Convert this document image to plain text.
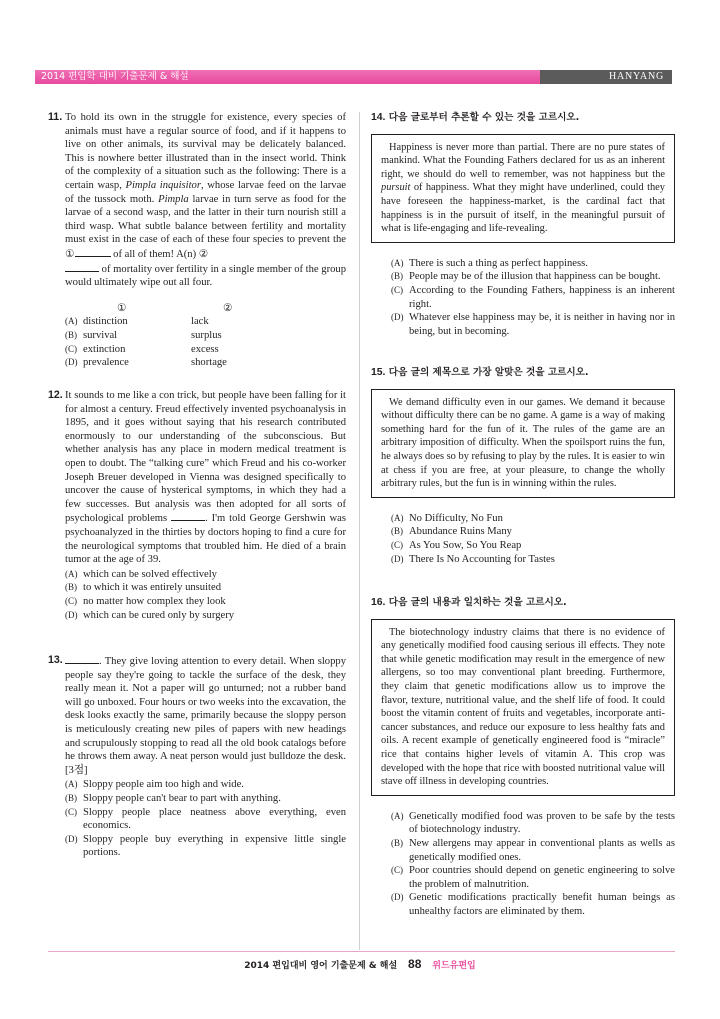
2014 편입학 대비 기출문제 & 해설	HANYANG UNIVERSITY
11. To hold its own in the struggle for existence, every species of animals must have a regular source of food, and if it happens to live on other animals, its survival may be delicately balanced. This is nowhere better illustrated than in the insect world. Think of the complexity of a situation such as the following: There is a certain wasp, Pimpla inquisitor, whose larvae feed on the larvae of the tussock moth. Pimpla larvae in turn serve as food for the larvae of a second wasp, and the latter in their turn nourish still a third wasp. What subtle balance between fertility and mortality must exist in the case of each of these four species to prevent the ①	of all of them! A(n) ②
of mortality over fertility in a single member of the group would ultimately wipe out all four.
①	②
(A) distinction	lack
(B) survival	surplus
(C) extinction	excess
(D) prevalence	shortage
12. It sounds to me like a con trick, but people have been falling for it for almost a century. Freud effectively invented psychoanalysis in 1895, and it goes without saying that his research contributed enormously to our understanding of the subconscious. But whether analysis has any place in modern medical treatment is open to doubt. The “talking cure” which Freud and his co-worker Joseph Breuer developed in Vienna was designed specifically to uncover the cause of hysterical symptoms, in which they had a few successes. But analysis was then adopted for all sorts of psychological problems	. I'm told George Gershwin was psychoanalyzed in the thirties by doctors hoping to find a cure for the neurological symptoms that troubled him. He died of a brain tumor at the age of 39.
(A) which can be solved effectively
(B) to which it was entirely unsuited
(C) no matter how complex they look
(D) which can be cured only by surgery
13.	. They give loving attention to every detail. When sloppy people say they're going to tackle the surface of the desk, they really mean it. Not a paper will go unturned; not a rubber band will go unboxed. Four hours or two weeks into the excavation, the desk looks exactly the same, primarily because the sloppy person is meticulously creating new piles of papers with new headings and scrupulously stopping to read all the old book catalogs before he throws them away. A neat person would just bulldoze the desk. [3점]
(A) Sloppy people aim too high and wide.
(B) Sloppy people can't bear to part with anything.
(C) Sloppy people place neatness above everything, even economics.
(D) Sloppy people buy everything in expensive little single portions.
14. 다음 글로부터 추론할 수 있는 것을 고르시오.
Happiness is never more than partial. There are no pure states of mankind. What the Founding Fathers declared for us as an inherent right, we should do well to remember, was not happiness but the pursuit of happiness. What they might have underlined, could they have foreseen the happiness-market, is the cardinal fact that happiness is in the pursuit of itself, in the meaningful pursuit of what is life-engaging and life-revealing.
(A) There is such a thing as perfect happiness.
(B) People may be of the illusion that happiness can be bought.
(C) According to the Founding Fathers, happiness is an inherent right.
(D) Whatever else happiness may be, it is neither in having nor in being, but in becoming.
15. 다음 글의 제목으로 가장 알맞은 것을 고르시오.
We demand difficulty even in our games. We demand it because without difficulty there can be no game. A game is a way of making something hard for the fun of it. The rules of the game are an arbitrary imposition of difficulty. When the spoilsport ruins the fun, he always does so by refusing to play by the rules. It is easier to win at chess if you are free, at your pleasure, to change the wholly arbitrary rules, but the fun is in winning within the rules.
(A) No Difficulty, No Fun
(B) Abundance Ruins Many
(C) As You Sow, So You Reap
(D) There Is No Accounting for Tastes
16. 다음 글의 내용과 일치하는 것을 고르시오.
The biotechnology industry claims that there is no evidence of any genetically modified food causing serious ill effects. They note that while genetic modification may result in the emergence of new allergens, so too may conventional plant breeding. Furthermore, they claim that genetic modifications allow us to improve the flavor, texture, nutritional value, and the shelf life of food. It could boost the vitamin content of fruits and vegetables, incorporate anti-cancer substances, and reduce our exposure to less healthy fats and oils. A recent example of genetically engineered food is “miracle” rice that contains higher levels of vitamin A. This crop was developed with the hope that rice with boosted nutritional value will stave off illness in developing countries.
(A) Genetically modified food was proven to be safe by the tests of biotechnology industry.
(B) New allergens may appear in conventional plants as wells as genetically modified ones.
(C) Poor countries should depend on genetic engineering to solve the problem of malnutrition.
(D) Genetic modifications practically benefit human beings as unhealthy factors are eliminated by them.
2014 편입대비 영어 기출문제 & 해설 88 위드유편입
